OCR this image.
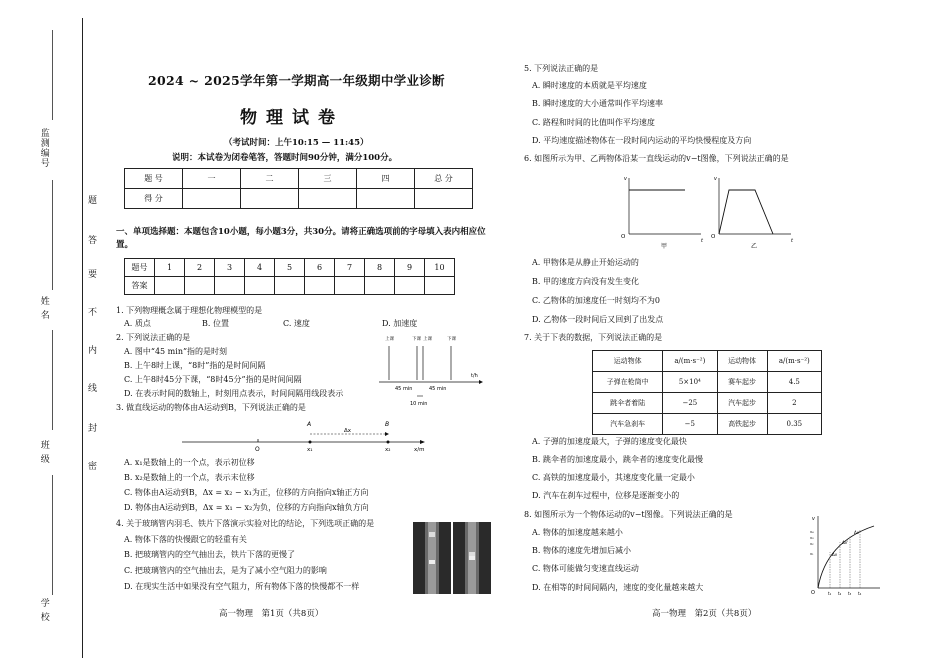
监测编号
姓 名
班 级
学 校
题
答
要
不
内
线
封
密
2024 ~ 2025学年第一学期高一年级期中学业诊断
物理试卷
（考试时间：上午10:15 — 11:45）
说明：本试卷为闭卷笔答，答题时间90分钟，满分100分。
题 号	一	二	三	四	总 分
得 分					
一、单项选择题：本题包含10小题，每小题3分，共30分。请将正确选项前的字母填入表内相应位置。
题号	1	2	3	4	5	6	7	8	9	10
答案										
1. 下列物理概念属于理想化物理模型的是
A. 质点	B. 位置	C. 速度	D. 加速度
2. 下列说法正确的是
A. 图中“45 min”指的是时刻
B. 上午8时上课，“8时”指的是时间间隔
C. 上午8时45分下课，“8时45分”指的是时间间隔
D. 在表示时间的数轴上，时刻用点表示，时间间隔用线段表示
上课	下课 上课	下课
45 min	45 min
10 min
t/h
3. 做直线运动的物体由A运动到B，下列说法正确的是
O
A	B
Δx
x₁	x₂	x/m
A. x₁是数轴上的一个点，表示初位移
B. x₂是数轴上的一个点，表示末位移
C. 物体由A运动到B，Δx = x₂ − x₁为正，位移的方向指向x轴正方向
D. 物体由A运动到B，Δx = x₁ − x₂为负，位移的方向指向x轴负方向
4. 关于玻璃管内羽毛、铁片下落演示实验对比的结论，下列选项正确的是
A. 物体下落的快慢跟它的轻重有关
B. 把玻璃管内的空气抽出去，铁片下落的更慢了
C. 把玻璃管内的空气抽出去，是为了减小空气阻力的影响
D. 在现实生活中如果没有空气阻力，所有物体下落的快慢都不一样
高一物理　第1页（共8页）
5. 下列说法正确的是
A. 瞬时速度的本质就是平均速度
B. 瞬时速度的大小通常叫作平均速率
C. 路程和时间的比值叫作平均速度
D. 平均速度描述物体在一段时间内运动的平均快慢程度及方向
6. 如图所示为甲、乙两物体沿某一直线运动的v−t图像，下列说法正确的是
v
t
O
甲
v
t
O
乙
A. 甲物体是从静止开始运动的
B. 甲的速度方向没有发生变化
C. 乙物体的加速度任一时刻均不为0
D. 乙物体一段时间后又回到了出发点
7. 关于下表的数据，下列说法正确的是
运动物体	a/(m·s⁻²)	运动物体	a/(m·s⁻²)
子弹在枪筒中	5×10⁴	赛车起步	4.5
跳伞者着陆	−25	汽车起步	2
汽车急刹车	−5	高铁起步	0.35
A. 子弹的加速度最大，子弹的速度变化最快
B. 跳伞者的加速度最小，跳伞者的速度变化最慢
C. 高铁的加速度最小，其速度变化量一定最小
D. 汽车在刹车过程中，位移是逐渐变小的
8. 如图所示为一个物体运动的v−t图像。下列说法正确的是
A. 物体的加速度越来越小
B. 物体的速度先增加后减小
C. 物体可能做匀变速直线运动
D. 在相等的时间间隔内，速度的变化量越来越大
v
O
Δv
Δv'
Δv''
t₁ t₂ t₃ t₄
v₄
v₃
v₂
v₁
高一物理　第2页（共8页）
